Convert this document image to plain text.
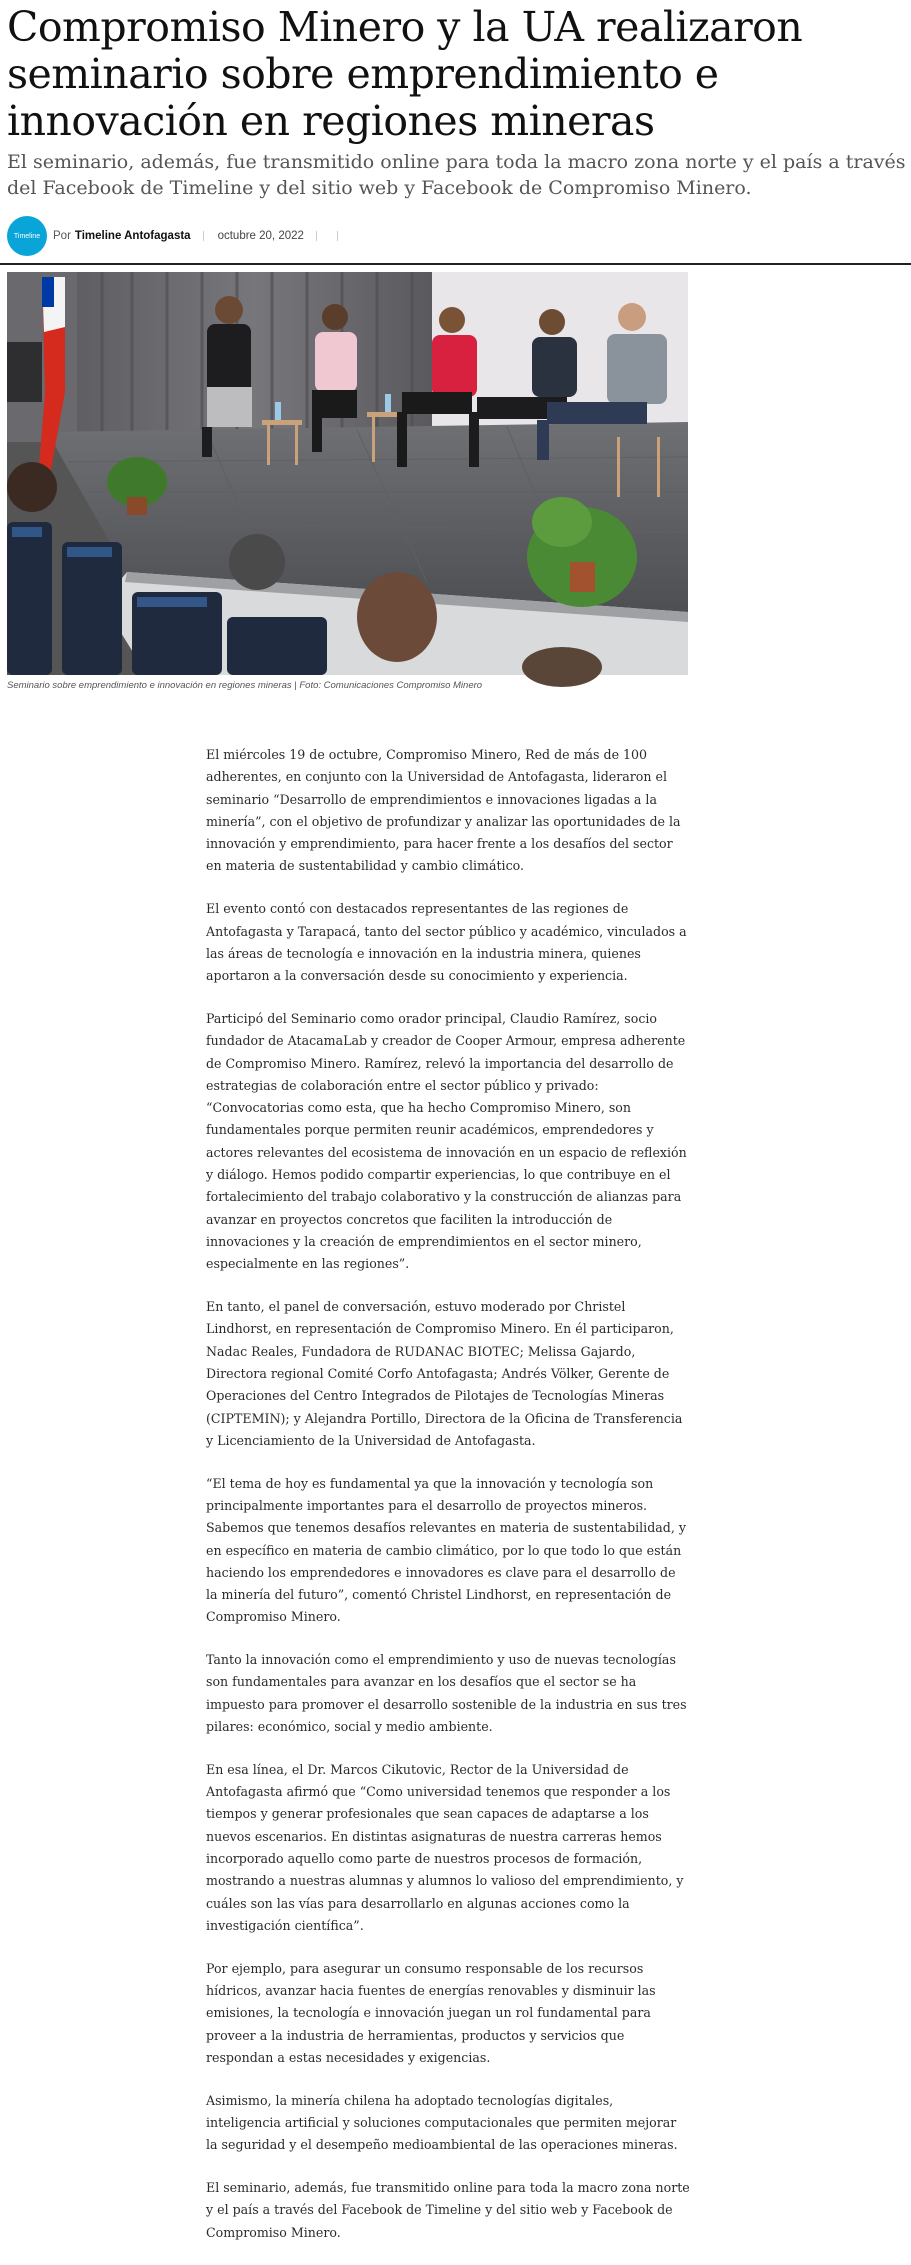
Compromiso Minero y la UA realizaron seminario sobre emprendimiento e innovación en regiones mineras

El seminario, además, fue transmitido online para toda la macro zona norte y el país a través del Facebook de Timeline y del sitio web y Facebook de Compromiso Minero.

Timeline	Por Timeline Antofagasta octubre 20, 2022
Seminario sobre emprendimiento e innovación en regiones mineras | Foto: Comunicaciones Compromiso Minero

El miércoles 19 de octubre, Compromiso Minero, Red de más de 100 adherentes, en conjunto con la Universidad de Antofagasta, lideraron el seminario “Desarrollo de emprendimientos e innovaciones ligadas a la minería”, con el objetivo de profundizar y analizar las oportunidades de la innovación y emprendimiento, para hacer frente a los desafíos del sector en materia de sustentabilidad y cambio climático.

El evento contó con destacados representantes de las regiones de Antofagasta y Tarapacá, tanto del sector público y académico, vinculados a las áreas de tecnología e innovación en la industria minera, quienes aportaron a la conversación desde su conocimiento y experiencia.

Participó del Seminario como orador principal, Claudio Ramírez, socio fundador de AtacamaLab y creador de Cooper Armour, empresa adherente de Compromiso Minero. Ramírez, relevó la importancia del desarrollo de estrategias de colaboración entre el sector público y privado: “Convocatorias como esta, que ha hecho Compromiso Minero, son fundamentales porque permiten reunir académicos, emprendedores y actores relevantes del ecosistema de innovación en un espacio de reflexión y diálogo. Hemos podido compartir experiencias, lo que contribuye en el fortalecimiento del trabajo colaborativo y la construcción de alianzas para avanzar en proyectos concretos que faciliten la introducción de innovaciones y la creación de emprendimientos en el sector minero, especialmente en las regiones”.

En tanto, el panel de conversación, estuvo moderado por Christel Lindhorst, en representación de Compromiso Minero. En él participaron, Nadac Reales, Fundadora de RUDANAC BIOTEC; Melissa Gajardo, Directora regional Comité Corfo Antofagasta; Andrés Völker, Gerente de Operaciones del Centro Integrados de Pilotajes de Tecnologías Mineras (CIPTEMIN); y Alejandra Portillo, Directora de la Oficina de Transferencia y Licenciamiento de la Universidad de Antofagasta.

“El tema de hoy es fundamental ya que la innovación y tecnología son principalmente importantes para el desarrollo de proyectos mineros. Sabemos que tenemos desafíos relevantes en materia de sustentabilidad, y en específico en materia de cambio climático, por lo que todo lo que están haciendo los emprendedores e innovadores es clave para el desarrollo de la minería del futuro”, comentó Christel Lindhorst, en representación de Compromiso Minero.

Tanto la innovación como el emprendimiento y uso de nuevas tecnologías son fundamentales para avanzar en los desafíos que el sector se ha impuesto para promover el desarrollo sostenible de la industria en sus tres pilares: económico, social y medio ambiente.

En esa línea, el Dr. Marcos Cikutovic, Rector de la Universidad de Antofagasta afirmó que “Como universidad tenemos que responder a los tiempos y generar profesionales que sean capaces de adaptarse a los nuevos escenarios. En distintas asignaturas de nuestra carreras hemos incorporado aquello como parte de nuestros procesos de formación, mostrando a nuestras alumnas y alumnos lo valioso del emprendimiento, y cuáles son las vías para desarrollarlo en algunas acciones como la investigación científica”.

Por ejemplo, para asegurar un consumo responsable de los recursos hídricos, avanzar hacia fuentes de energías renovables y disminuir las emisiones, la tecnología e innovación juegan un rol fundamental para proveer a la industria de herramientas, productos y servicios que respondan a estas necesidades y exigencias.

Asimismo, la minería chilena ha adoptado tecnologías digitales, inteligencia artificial y soluciones computacionales que permiten mejorar la seguridad y el desempeño medioambiental de las operaciones mineras.

El seminario, además, fue transmitido online para toda la macro zona norte y el país a través del Facebook de Timeline y del sitio web y Facebook de Compromiso Minero.
